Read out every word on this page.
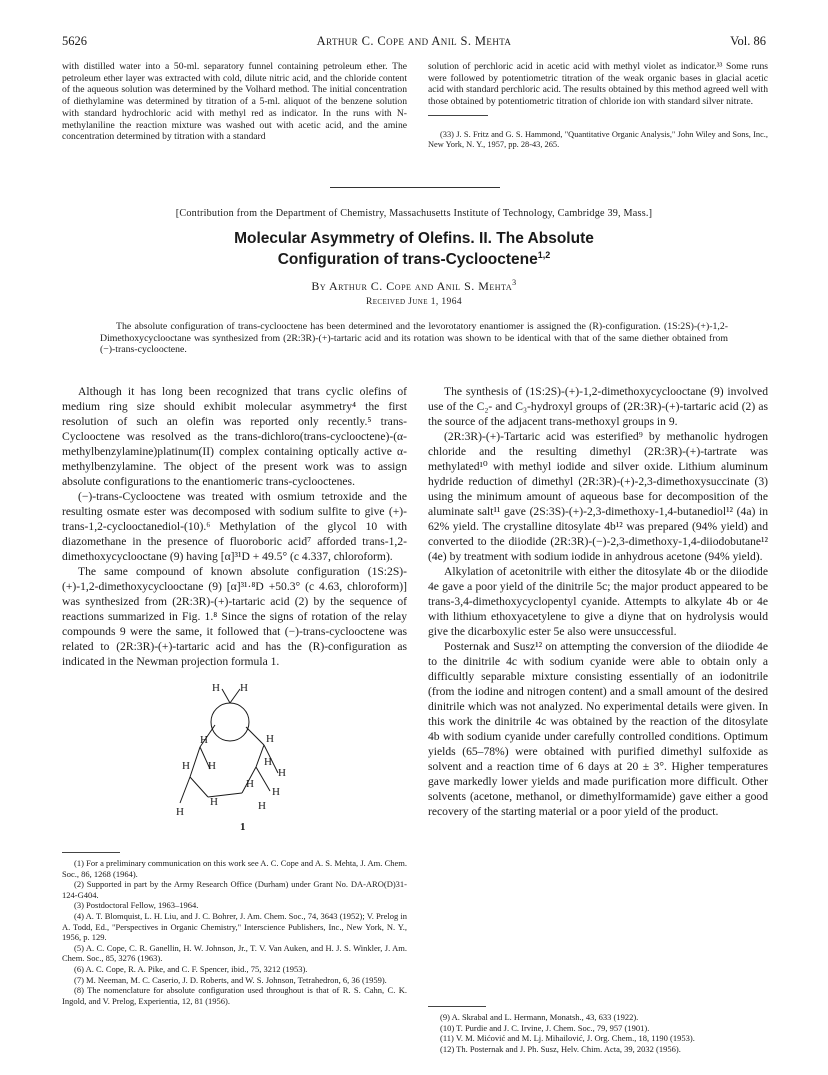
5626	Arthur C. Cope and Anil S. Mehta	Vol. 86
with distilled water into a 50-ml. separatory funnel containing petroleum ether. The petroleum ether layer was extracted with cold, dilute nitric acid, and the chloride content of the aqueous solution was determined by the Volhard method. The initial concentration of diethylamine was determined by titration of a 5-ml. aliquot of the benzene solution with standard hydrochloric acid with methyl red as indicator. In the runs with N-methylaniline the reaction mixture was washed out with acetic acid, and the amine concentration determined by titration with a standard
solution of perchloric acid in acetic acid with methyl violet as indicator.³³ Some runs were followed by potentiometric titration of the weak organic bases in glacial acetic acid with standard perchloric acid. The results obtained by this method agreed well with those obtained by potentiometric titration of chloride ion with standard silver nitrate.
(33) J. S. Fritz and G. S. Hammond, "Quantitative Organic Analysis," John Wiley and Sons, Inc., New York, N. Y., 1957, pp. 28-43, 265.
[Contribution from the Department of Chemistry, Massachusetts Institute of Technology, Cambridge 39, Mass.]
Molecular Asymmetry of Olefins. II. The Absolute
Configuration of trans-Cyclooctene$^{1,2}$
By Arthur C. Cope and Anil S. Mehta$^3$
Received June 1, 1964
The absolute configuration of trans-cyclooctene has been determined and the levorotatory enantiomer is assigned the (R)-configuration. (1S:2S)-(+)-1,2-Dimethoxycyclooctane was synthesized from (2R:3R)-(+)-tartaric acid and its rotation was shown to be identical with that of the same diether obtained from (−)-trans-cyclooctene.

Although it has long been recognized that trans cyclic olefins of medium ring size should exhibit molecular asymmetry⁴ the first resolution of such an olefin was reported only recently.⁵ trans-Cyclooctene was resolved as the trans-dichloro(trans-cyclooctene)-(α-methylbenzylamine)platinum(II) complex containing optically active α-methylbenzylamine. The object of the present work was to assign absolute configurations to the enantiomeric trans-cyclooctenes.

(−)-trans-Cyclooctene was treated with osmium tetroxide and the resulting osmate ester was decomposed with sodium sulfite to give (+)-trans-1,2-cyclooctanediol-(10).⁶ Methylation of the glycol 10 with diazomethane in the presence of fluoroboric acid⁷ afforded trans-1,2-dimethoxycyclooctane (9) having [α]³¹D + 49.5° (c 4.337, chloroform).

The same compound of known absolute configuration (1S:2S)-(+)-1,2-dimethoxycyclooctane (9) [α]³¹·⁸D +50.3° (c 4.63, chloroform)] was synthesized from (2R:3R)-(+)-tartaric acid (2) by the sequence of reactions summarized in Fig. 1.⁸ Since the signs of rotation of the relay compounds 9 were the same, it followed that (−)-trans-cyclooctene was related to (2R:3R)-(+)-tartaric acid and has the (R)-configuration as indicated in the Newman projection formula 1.

H H
H	H
H H	H
H
H
H
H
H	H
1

(1) For a preliminary communication on this work see A. C. Cope and A. S. Mehta, J. Am. Chem. Soc., 86, 1268 (1964).

(2) Supported in part by the Army Research Office (Durham) under Grant No. DA-ARO(D)31-124-G404.

(3) Postdoctoral Fellow, 1963–1964.

(4) A. T. Blomquist, L. H. Liu, and J. C. Bohrer, J. Am. Chem. Soc., 74, 3643 (1952); V. Prelog in A. Todd, Ed., "Perspectives in Organic Chemistry," Interscience Publishers, Inc., New York, N. Y., 1956, p. 129.

(5) A. C. Cope, C. R. Ganellin, H. W. Johnson, Jr., T. V. Van Auken, and H. J. S. Winkler, J. Am. Chem. Soc., 85, 3276 (1963).

(6) A. C. Cope, R. A. Pike, and C. F. Spencer, ibid., 75, 3212 (1953).

(7) M. Neeman, M. C. Caserio, J. D. Roberts, and W. S. Johnson, Tetrahedron, 6, 36 (1959).

(8) The nomenclature for absolute configuration used throughout is that of R. S. Cahn, C. K. Ingold, and V. Prelog, Experientia, 12, 81 (1956).

The synthesis of (1S:2S)-(+)-1,2-dimethoxycyclooctane (9) involved use of the C₂- and C₃-hydroxyl groups of (2R:3R)-(+)-tartaric acid (2) as the source of the adjacent trans-methoxyl groups in 9.

(2R:3R)-(+)-Tartaric acid was esterified⁹ by methanolic hydrogen chloride and the resulting dimethyl (2R:3R)-(+)-tartrate was methylated¹⁰ with methyl iodide and silver oxide. Lithium aluminum hydride reduction of dimethyl (2R:3R)-(+)-2,3-dimethoxysuccinate (3) using the minimum amount of aqueous base for decomposition of the aluminate salt¹¹ gave (2S:3S)-(+)-2,3-dimethoxy-1,4-butanediol¹² (4a) in 62% yield. The crystalline ditosylate 4b¹² was prepared (94% yield) and converted to the diiodide (2R:3R)-(−)-2,3-dimethoxy-1,4-diiodobutane¹² (4e) by treatment with sodium iodide in anhydrous acetone (94% yield).

Alkylation of acetonitrile with either the ditosylate 4b or the diiodide 4e gave a poor yield of the dinitrile 5c; the major product appeared to be trans-3,4-dimethoxycyclopentyl cyanide. Attempts to alkylate 4b or 4e with lithium ethoxyacetylene to give a diyne that on hydrolysis would give the dicarboxylic ester 5e also were unsuccessful.

Posternak and Susz¹² on attempting the conversion of the diiodide 4e to the dinitrile 4c with sodium cyanide were able to obtain only a difficultly separable mixture consisting essentially of an iodonitrile (from the iodine and nitrogen content) and a small amount of the desired dinitrile which was not analyzed. No experimental details were given. In this work the dinitrile 4c was obtained by the reaction of the ditosylate 4b with sodium cyanide under carefully controlled conditions. Optimum yields (65–78%) were obtained with purified dimethyl sulfoxide as solvent and a reaction time of 6 days at 20 ± 3°. Higher temperatures gave markedly lower yields and made purification more difficult. Other solvents (acetone, methanol, or dimethylformamide) gave either a good recovery of the starting material or a poor yield of the product.

(9) A. Skrabal and L. Hermann, Monatsh., 43, 633 (1922).

(10) T. Purdie and J. C. Irvine, J. Chem. Soc., 79, 957 (1901).

(11) V. M. Mićović and M. Lj. Mihailović, J. Org. Chem., 18, 1190 (1953).

(12) Th. Posternak and J. Ph. Susz, Helv. Chim. Acta, 39, 2032 (1956).
